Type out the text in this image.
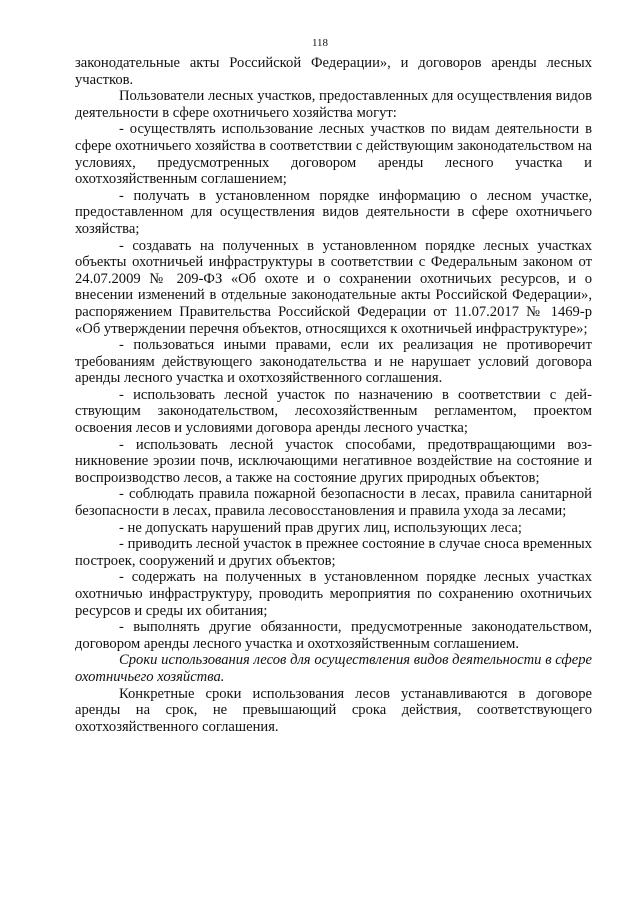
118

законодательные акты Российской Федерации», и договоров аренды лесных участков.

Пользователи лесных участков, предоставленных для осуществления видов деятельности в сфере охотничьего хозяйства могут:

- осуществлять использование лесных участков по видам деятельности в сфере охотничьего хозяйства в соответствии с действующим законодательством на условиях, предусмотренных договором аренды лесного участка и охотхозяйственным соглашением;

- получать в установленном порядке информацию о лесном участке, предоставленном для осуществления видов деятельности в сфере охотничьего хозяйства;

- создавать на полученных в установленном порядке лесных участках объекты охотничьей инфраструктуры в соответствии с Федеральным законом от 24.07.2009 № 209-ФЗ «Об охоте и о сохранении охотничьих ресурсов, и о внесении изменений в отдельные законодательные акты Российской Федерации», распоряжением Правительства Российской Федерации от 11.07.2017 № 1469-р «Об утверждении перечня объектов, относящихся к охотничьей инфраструктуре»;

- пользоваться иными правами, если их реализация не противоречит требованиям действующего законодательства и не нарушает условий договора аренды лесного участка и охотхозяйственного соглашения.

- использовать лесной участок по назначению в соответствии с действующим законодательством, лесохозяйственным регламентом, проектом освоения лесов и условиями договора аренды лесного участка;

- использовать лесной участок способами, предотвращающими возникновение эрозии почв, исключающими негативное воздействие на состояние и воспроизводство лесов, а также на состояние других природных объектов;

- соблюдать правила пожарной безопасности в лесах, правила санитарной безопасности в лесах, правила лесовосстановления и правила ухода за лесами;

- не допускать нарушений прав других лиц, использующих леса;

- приводить лесной участок в прежнее состояние в случае сноса временных построек, сооружений и других объектов;

- содержать на полученных в установленном порядке лесных участках охотничью инфраструктуру, проводить мероприятия по сохранению охотничьих ресурсов и среды их обитания;

- выполнять другие обязанности, предусмотренные законодательством, договором аренды лесного участка и охотхозяйственным соглашением.

Сроки использования лесов для осуществления видов деятельности в сфере охотничьего хозяйства.

Конкретные сроки использования лесов устанавливаются в договоре аренды на срок, не превышающий срока действия, соответствующего охотхозяйственного соглашения.
